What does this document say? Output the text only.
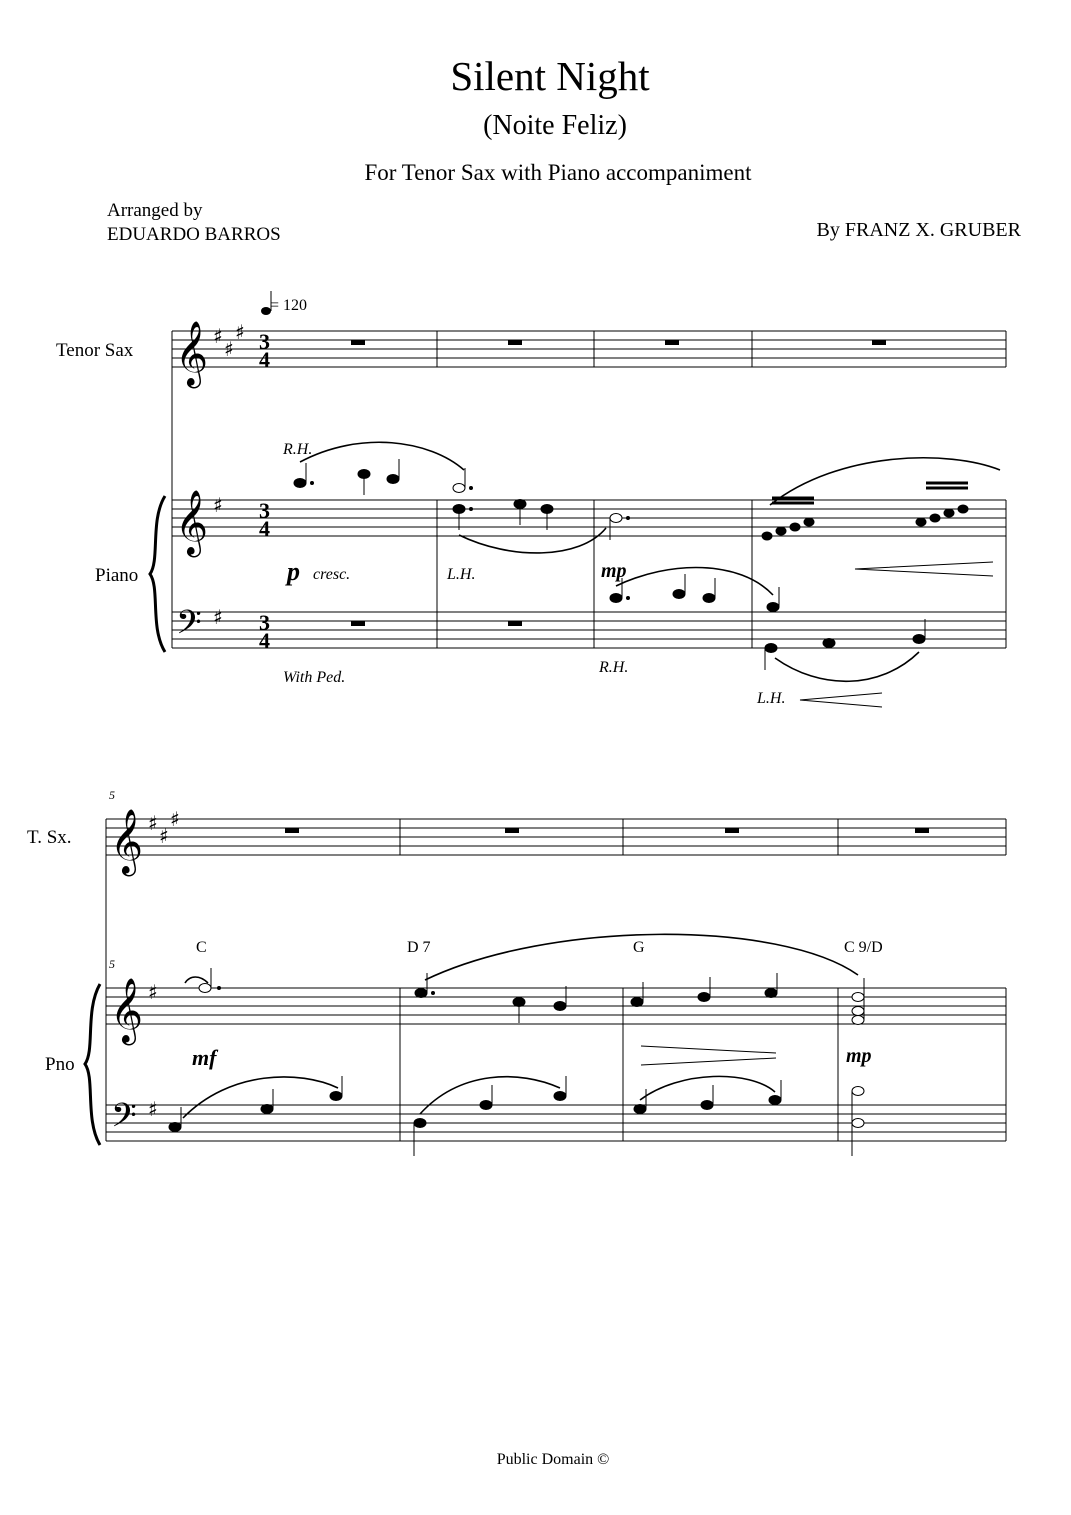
Silent Night
(Noite Feliz)
For Tenor Sax with Piano accompaniment
Arranged by
EDUARDO BARROS	By FRANZ X. GRUBER
𝄞
𝄞
𝄢
𝄞
𝄞
𝄢
♯
♯
♯
♯
♯
♯
♯
♯
♯
♯
3
4
3
4
3
4
= 120
Tenor Sax
Piano
R.H.
p cresc.	L.H.	mp
With Ped.
R.H.
L.H.
5
5
T. Sx.
Pno
C	D 7	G	C 9/D
mf	mp
Public Domain ©
